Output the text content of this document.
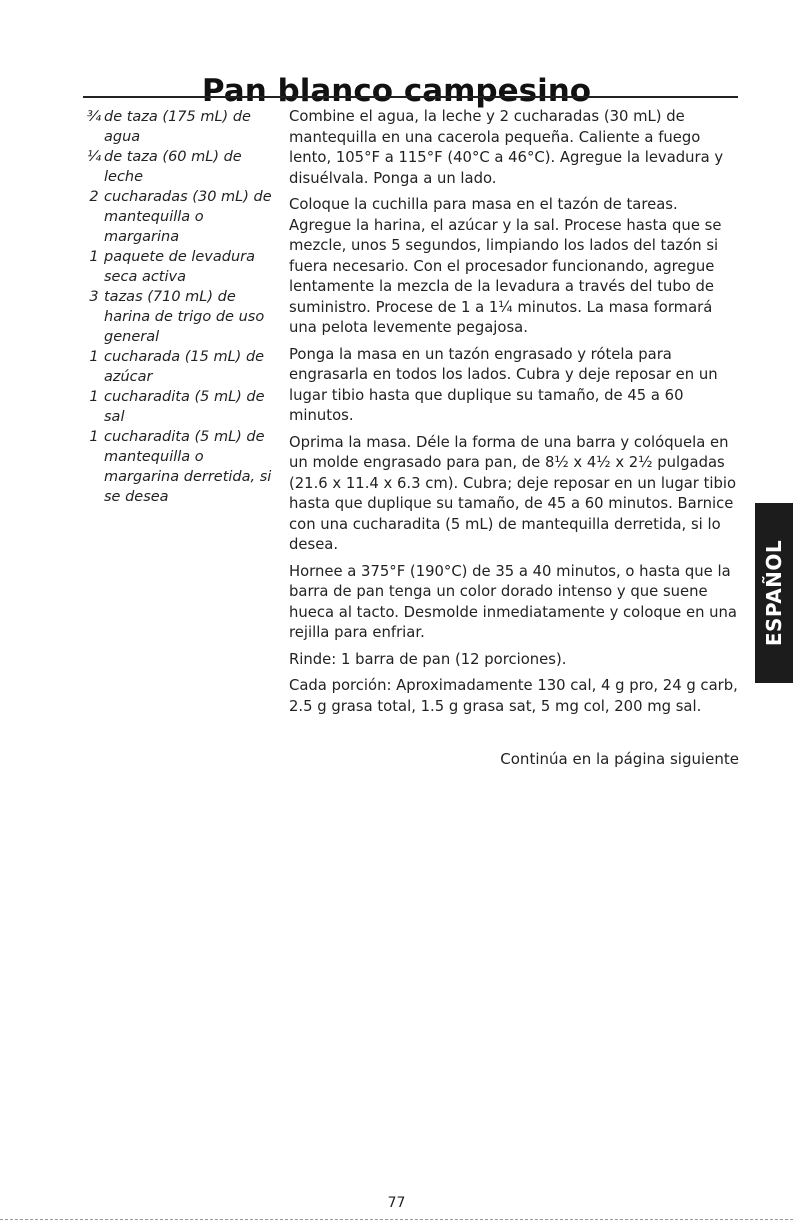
Pan blanco campesino
¾ de taza (175 mL) de agua
¼ de taza (60 mL) de leche
2 cucharadas (30 mL) de mantequilla o margarina
1 paquete de levadura seca activa
3 tazas (710 mL) de harina de trigo de uso general
1 cucharada (15 mL) de azúcar
1 cucharadita (5 mL) de sal
1 cucharadita (5 mL) de mantequilla o margarina derretida, si se desea

Combine el agua, la leche y 2 cucharadas (30 mL) de mantequilla en una cacerola pequeña. Caliente a fuego lento, 105°F a 115°F (40°C a 46°C). Agregue la levadura y disuélvala. Ponga a un lado.

Coloque la cuchilla para masa en el tazón de tareas. Agregue la harina, el azúcar y la sal. Procese hasta que se mezcle, unos 5 segundos, limpiando los lados del tazón si fuera necesario. Con el procesador funcionando, agregue lentamente la mezcla de la levadura a través del tubo de suministro. Procese de 1 a 1¼ minutos. La masa formará una pelota levemente pegajosa.

Ponga la masa en un tazón engrasado y rótela para engrasarla en todos los lados. Cubra y deje reposar en un lugar tibio hasta que duplique su tamaño, de 45 a 60 minutos.

Oprima la masa. Déle la forma de una barra y colóquela en un molde engrasado para pan, de 8½ x 4½ x 2½ pulgadas (21.6 x 11.4 x 6.3 cm). Cubra; deje reposar en un lugar tibio hasta que duplique su tamaño, de 45 a 60 minutos. Barnice con una cucharadita (5 mL) de mantequilla derretida, si lo desea.

Hornee a 375°F (190°C) de 35 a 40 minutos, o hasta que la barra de pan tenga un color dorado intenso y que suene hueca al tacto. Desmolde inmediatamente y coloque en una rejilla para enfriar.

Rinde: 1 barra de pan (12 porciones).

Cada porción: Aproximadamente 130 cal, 4 g pro, 24 g carb, 2.5 g grasa total, 1.5 g grasa sat, 5 mg col, 200 mg sal.

Continúa en la página siguiente
ESPAÑOL
77
